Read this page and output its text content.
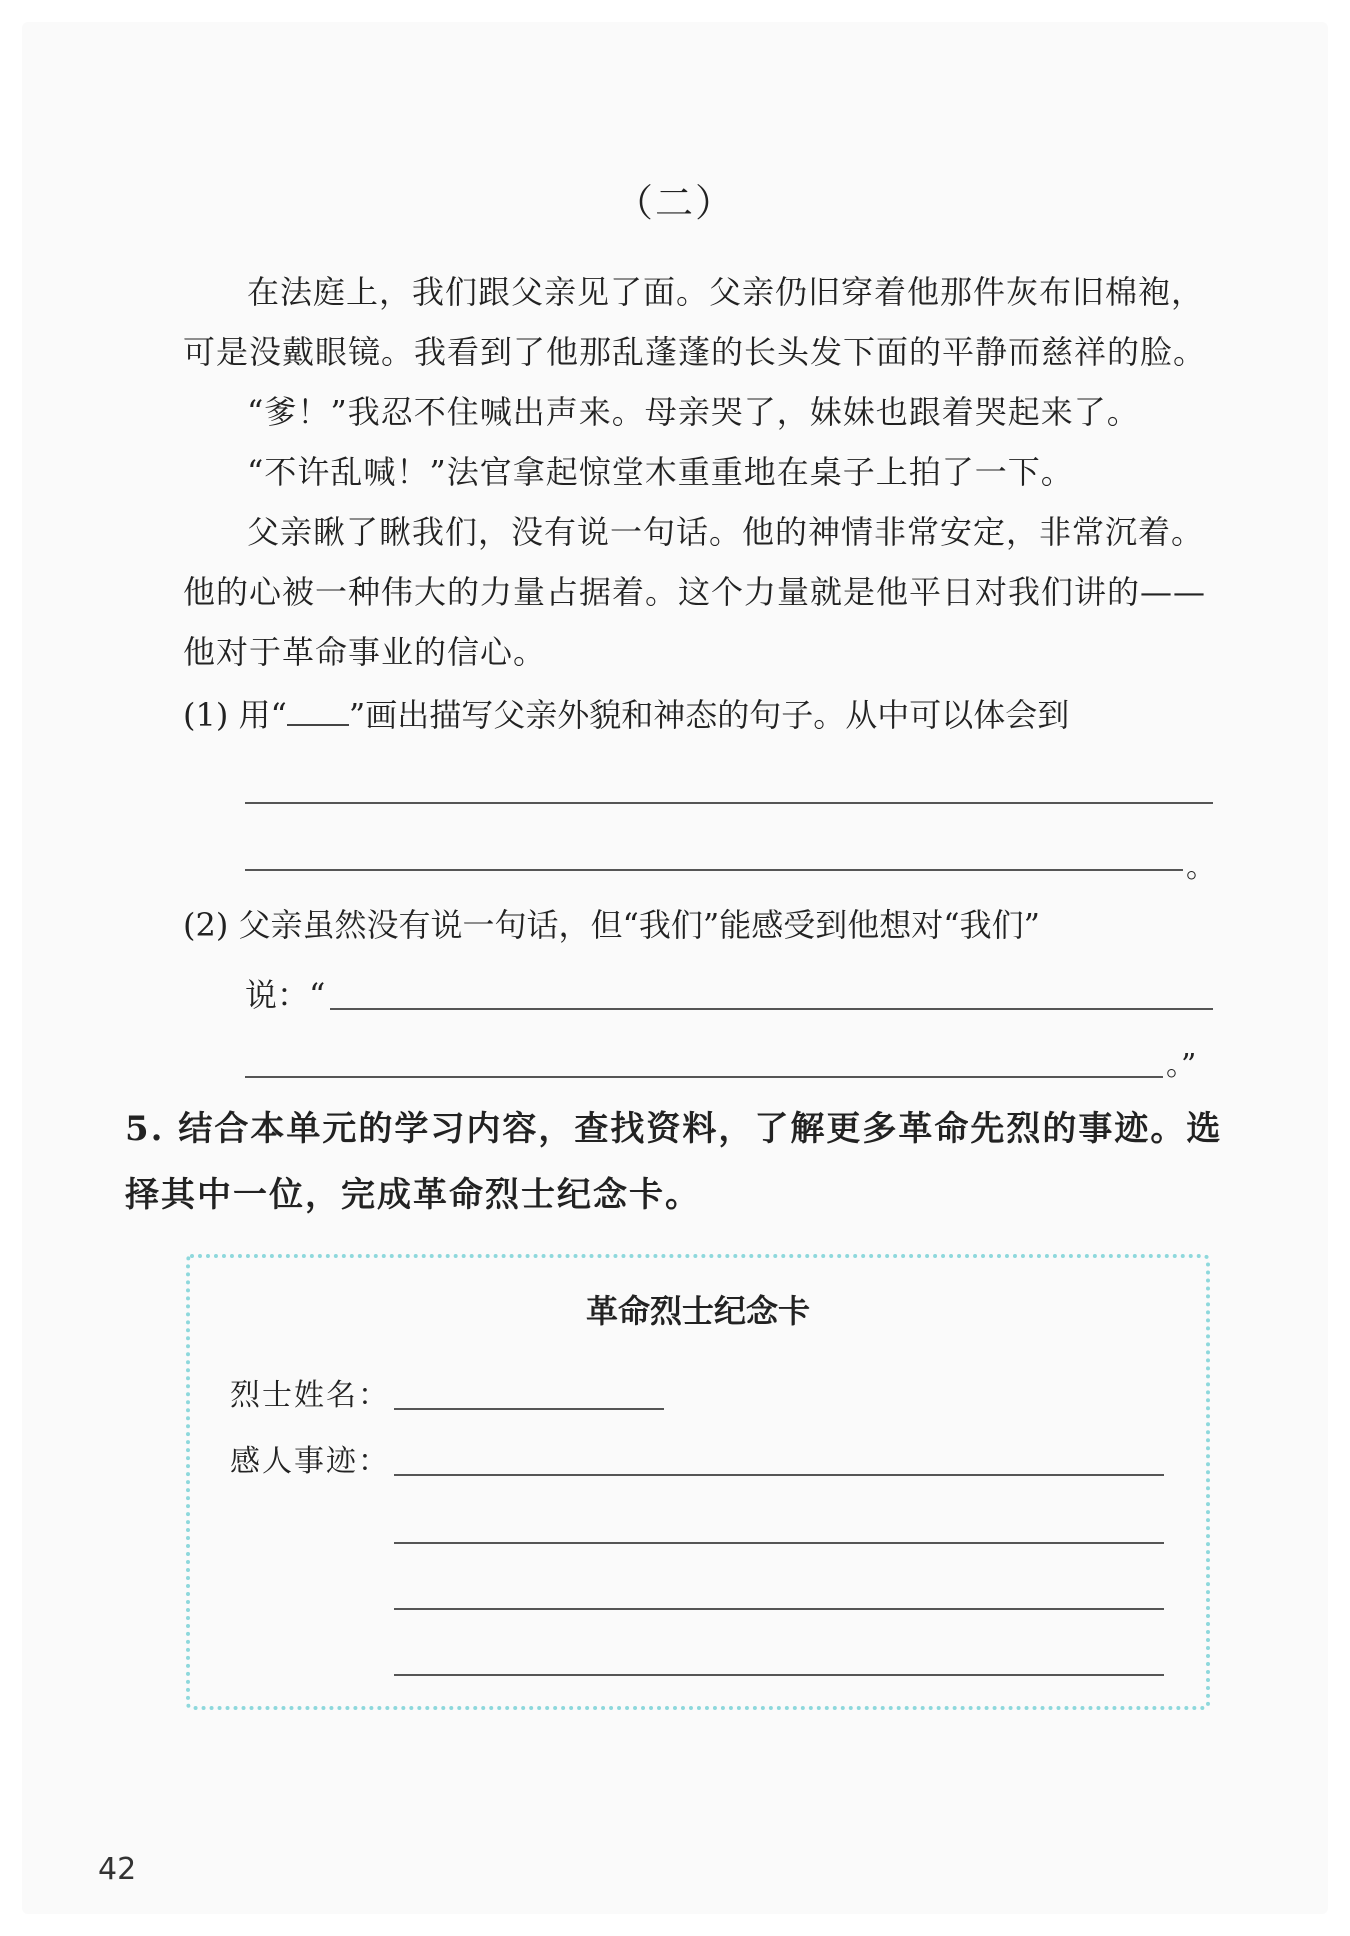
（二）

在法庭上，我们跟父亲见了面。父亲仍旧穿着他那件灰布旧棉袍，可是没戴眼镜。我看到了他那乱蓬蓬的长头发下面的平静而慈祥的脸。

“爹！”我忍不住喊出声来。母亲哭了，妹妹也跟着哭起来了。

“不许乱喊！”法官拿起惊堂木重重地在桌子上拍了一下。

父亲瞅了瞅我们，没有说一句话。他的神情非常安定，非常沉着。他的心被一种伟大的力量占据着。这个力量就是他平日对我们讲的——他对于革命事业的信心。

(1) 用“ ”画出描写父亲外貌和神态的句子。从中可以体会到

。

(2) 父亲虽然没有说一句话，但“我们”能感受到他想对“我们”

说：“
。”

5. 结合本单元的学习内容，查找资料，了解更多革命先烈的事迹。选择其中一位，完成革命烈士纪念卡。

革命烈士纪念卡
烈士姓名：
感人事迹：
42
